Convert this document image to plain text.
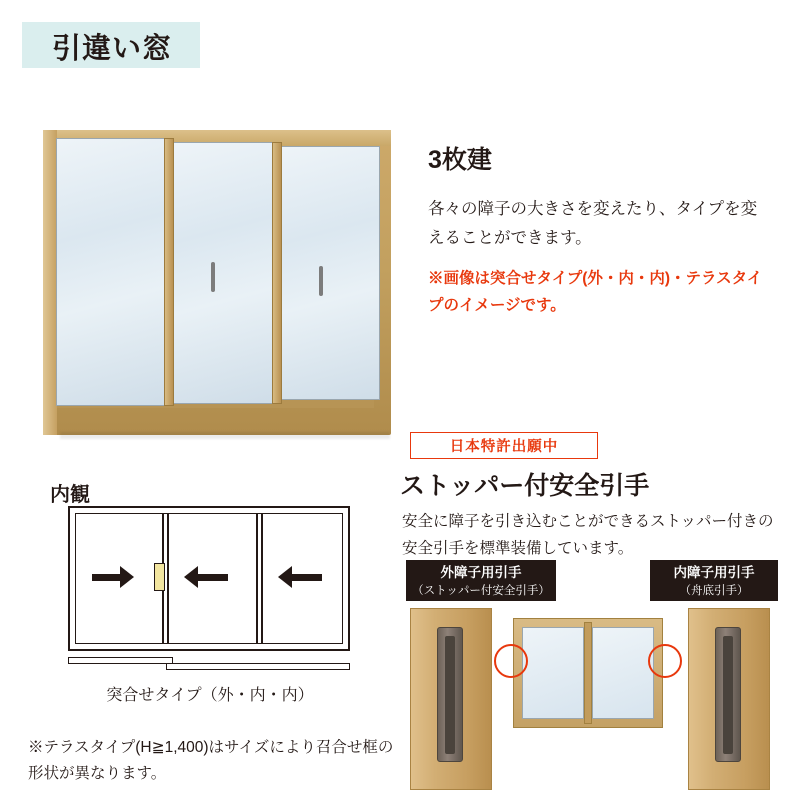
引違い窓
3枚建
各々の障子の大きさを変えたり、タイプを変えることができます。
※画像は突合せタイプ(外・内・内)・テラスタイプのイメージです。
日本特許出願中
ストッパー付安全引手
安全に障子を引き込むことができるストッパー付きの安全引手を標準装備しています。
内観
突合せタイプ（外・内・内）
※テラスタイプ(H≧1,400)はサイズにより召合せ框の形状が異なります。
外障子用引手
（ストッパー付安全引手）
内障子用引手
（舟底引手）
